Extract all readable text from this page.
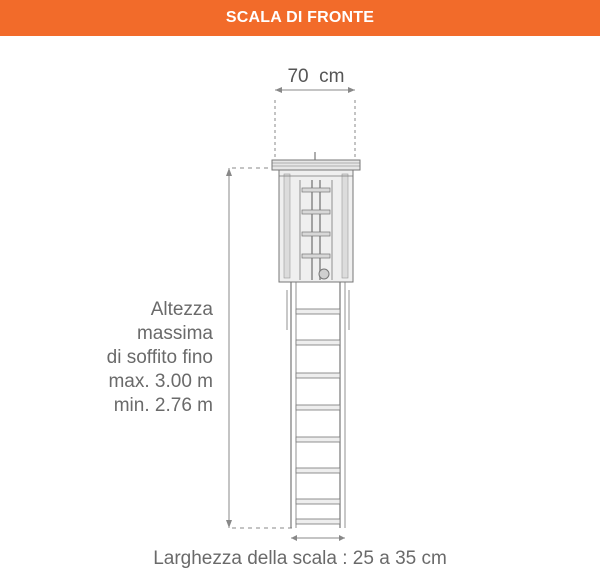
SCALA DI FRONTE
70  cm
Altezza
massima
di soffito fino
max. 3.00 m
min. 2.76 m
Larghezza della scala : 25 a 35 cm
